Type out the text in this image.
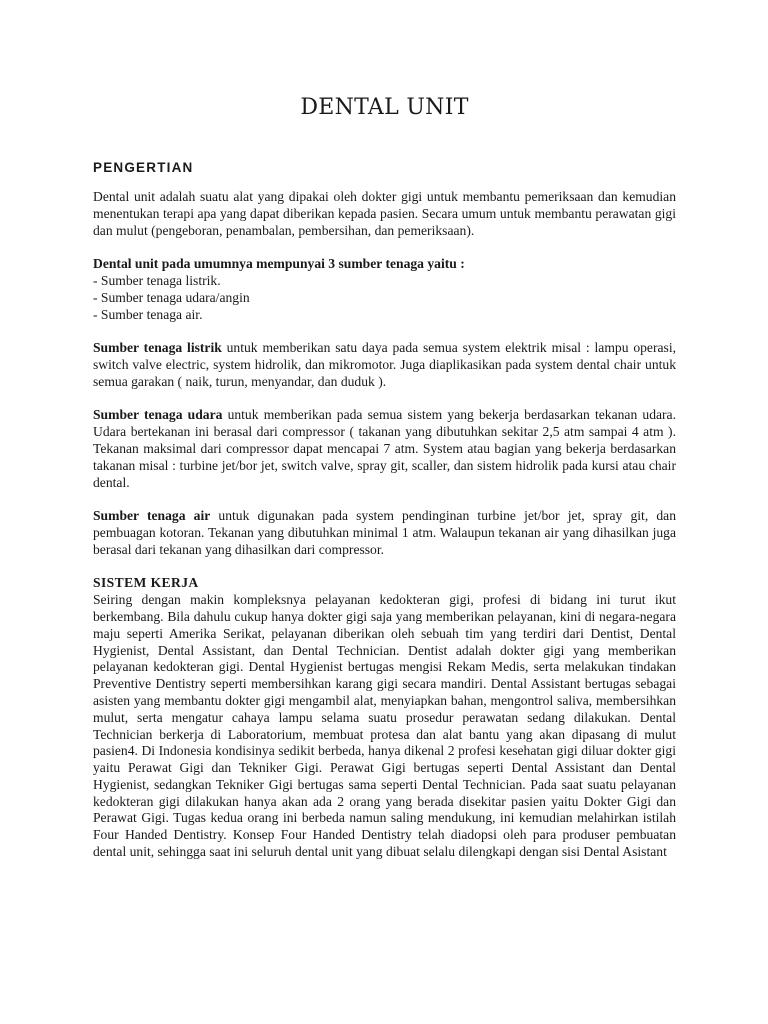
DENTAL UNIT
PENGERTIAN

Dental unit adalah suatu alat yang dipakai oleh dokter gigi untuk membantu pemeriksaan dan kemudian menentukan terapi apa yang dapat diberikan kepada pasien. Secara umum untuk membantu perawatan gigi dan mulut (pengeboran, penambalan, pembersihan, dan pemeriksaan).

Dental unit pada umumnya mempunyai 3 sumber tenaga yaitu :
- Sumber tenaga listrik.
- Sumber tenaga udara/angin
- Sumber tenaga air.

Sumber tenaga listrik untuk memberikan satu daya pada semua system elektrik misal : lampu operasi, switch valve electric, system hidrolik, dan mikromotor. Juga diaplikasikan pada system dental chair untuk semua garakan ( naik, turun, menyandar, dan duduk ).

Sumber tenaga udara untuk memberikan pada semua sistem yang bekerja berdasarkan tekanan udara. Udara bertekanan ini berasal dari compressor ( takanan yang dibutuhkan sekitar 2,5 atm sampai 4 atm ). Tekanan maksimal dari compressor dapat mencapai 7 atm. System atau bagian yang bekerja berdasarkan takanan misal : turbine jet/bor jet, switch valve, spray git, scaller, dan sistem hidrolik pada kursi atau chair dental.

Sumber tenaga air untuk digunakan pada system pendinginan turbine jet/bor jet, spray git, dan pembuagan kotoran. Tekanan yang dibutuhkan minimal 1 atm. Walaupun tekanan air yang dihasilkan juga berasal dari tekanan yang dihasilkan dari compressor.

SISTEM KERJA

Seiring dengan makin kompleksnya pelayanan kedokteran gigi, profesi di bidang ini turut ikut berkembang. Bila dahulu cukup hanya dokter gigi saja yang memberikan pelayanan, kini di negara-negara maju seperti Amerika Serikat, pelayanan diberikan oleh sebuah tim yang terdiri dari Dentist, Dental Hygienist, Dental Assistant, dan Dental Technician. Dentist adalah dokter gigi yang memberikan pelayanan kedokteran gigi. Dental Hygienist bertugas mengisi Rekam Medis, serta melakukan tindakan Preventive Dentistry seperti membersihkan karang gigi secara mandiri. Dental Assistant bertugas sebagai asisten yang membantu dokter gigi mengambil alat, menyiapkan bahan, mengontrol saliva, membersihkan mulut, serta mengatur cahaya lampu selama suatu prosedur perawatan sedang dilakukan. Dental Technician berkerja di Laboratorium, membuat protesa dan alat bantu yang akan dipasang di mulut pasien4. Di Indonesia kondisinya sedikit berbeda, hanya dikenal 2 profesi kesehatan gigi diluar dokter gigi yaitu Perawat Gigi dan Tekniker Gigi. Perawat Gigi bertugas seperti Dental Assistant dan Dental Hygienist, sedangkan Tekniker Gigi bertugas sama seperti Dental Technician. Pada saat suatu pelayanan kedokteran gigi dilakukan hanya akan ada 2 orang yang berada disekitar pasien yaitu Dokter Gigi dan Perawat Gigi. Tugas kedua orang ini berbeda namun saling mendukung, ini kemudian melahirkan istilah Four Handed Dentistry. Konsep Four Handed Dentistry telah diadopsi oleh para produser pembuatan dental unit, sehingga saat ini seluruh dental unit yang dibuat selalu dilengkapi dengan sisi Dental Asistant
